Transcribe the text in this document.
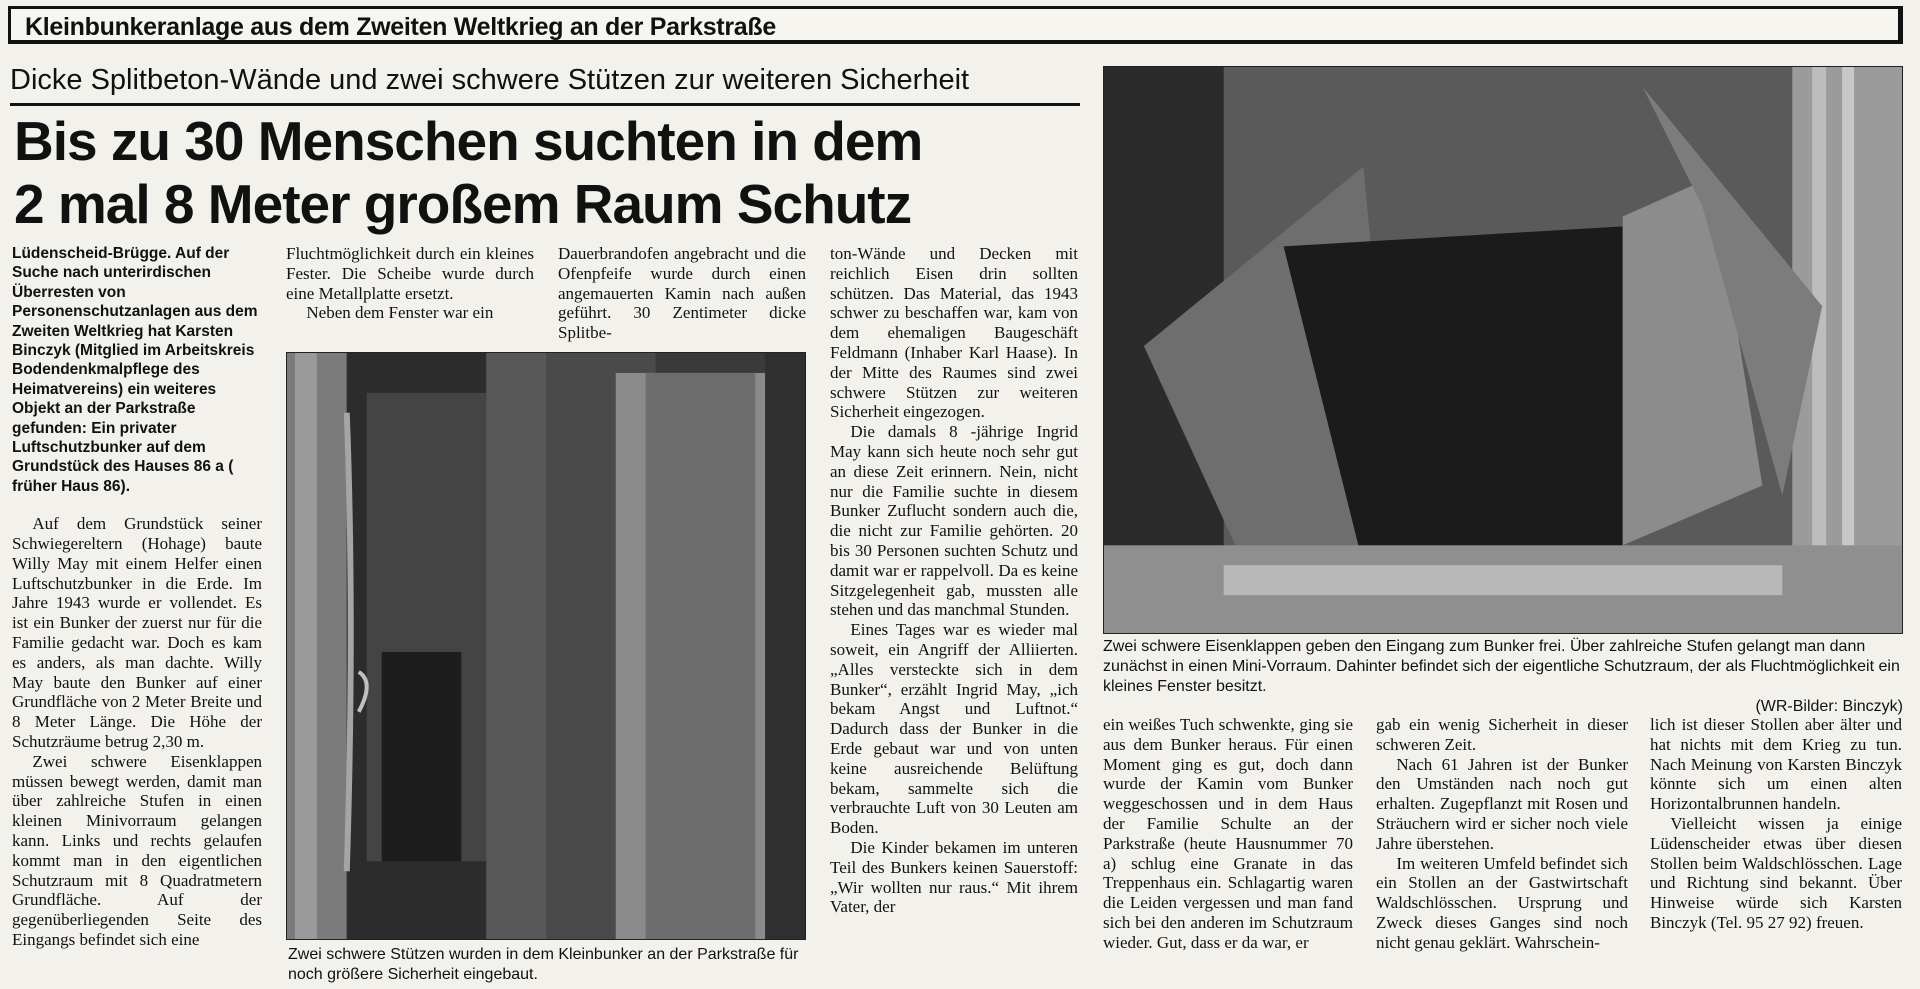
Kleinbunkeranlage aus dem Zweiten Weltkrieg an der Parkstraße
Dicke Splitbeton-Wände und zwei schwere Stützen zur weiteren Sicherheit
Bis zu 30 Menschen suchten in dem
2 mal 8 Meter großem Raum Schutz

Lüdenscheid-Brügge. Auf der Suche nach unterirdischen Überresten von Personenschutzanlagen aus dem Zweiten Weltkrieg hat Karsten Binczyk (Mitglied im Arbeitskreis Bodendenkmalpflege des Heimatvereins) ein weiteres Objekt an der Parkstraße gefunden: Ein privater Luftschutzbunker auf dem Grundstück des Hauses 86 a ( früher Haus 86).

Auf dem Grundstück seiner Schwiegereltern (Hohage) baute Willy May mit einem Helfer einen Luftschutzbunker in die Erde. Im Jahre 1943 wurde er vollendet. Es ist ein Bunker der zuerst nur für die Familie gedacht war. Doch es kam es anders, als man dachte. Willy May baute den Bunker auf einer Grundfläche von 2 Meter Breite und 8 Meter Länge. Die Höhe der Schutzräume betrug 2,30 m.

Zwei schwere Eisenklappen müssen bewegt werden, damit man über zahlreiche Stufen in einen kleinen Minivorraum gelangen kann. Links und rechts gelaufen kommt man in den eigentlichen Schutzraum mit 8 Quadratmetern Grundfläche. Auf der gegenüberliegenden Seite des Eingangs befindet sich eine

Fluchtmöglichkeit durch ein kleines Fester. Die Scheibe wurde durch eine Metallplatte ersetzt.

Neben dem Fenster war ein

Dauerbrandofen angebracht und die Ofenpfeife wurde durch einen angemauerten Kamin nach außen geführt. 30 Zentimeter dicke Splitbe-

ton-Wände und Decken mit reichlich Eisen drin sollten schützen. Das Material, das 1943 schwer zu beschaffen war, kam von dem ehemaligen Baugeschäft Feldmann (Inhaber Karl Haase). In der Mitte des Raumes sind zwei schwere Stützen zur weiteren Sicherheit eingezogen.

Die damals 8 -jährige Ingrid May kann sich heute noch sehr gut an diese Zeit erinnern. Nein, nicht nur die Familie suchte in diesem Bunker Zuflucht sondern auch die, die nicht zur Familie gehörten. 20 bis 30 Personen suchten Schutz und damit war er rappelvoll. Da es keine Sitzgelegenheit gab, mussten alle stehen und das manchmal Stunden.

Eines Tages war es wieder mal soweit, ein Angriff der Alliierten. „Alles versteckte sich in dem Bunker“, erzählt Ingrid May, „ich bekam Angst und Luftnot.“ Dadurch dass der Bunker in die Erde gebaut war und von unten keine ausreichende Belüftung bekam, sammelte sich die verbrauchte Luft von 30 Leuten am Boden.

Die Kinder bekamen im unteren Teil des Bunkers keinen Sauerstoff: „Wir wollten nur raus.“ Mit ihrem Vater, der

Zwei schwere Stützen wurden in dem Kleinbunker an der Parkstraße für noch größere Sicherheit eingebaut.
Zwei schwere Eisenklappen geben den Eingang zum Bunker frei. Über zahlreiche Stufen gelangt man dann zunächst in einen Mini-Vorraum. Dahinter befindet sich der eigentliche Schutzraum, der als Fluchtmöglichkeit ein kleines Fenster besitzt.
(WR-Bilder: Binczyk)

ein weißes Tuch schwenkte, ging sie aus dem Bunker heraus. Für einen Moment ging es gut, doch dann wurde der Kamin vom Bunker weggeschossen und in dem Haus der Familie Schulte an der Parkstraße (heute Hausnummer 70 a) schlug eine Granate in das Treppenhaus ein. Schlagartig waren die Leiden vergessen und man fand sich bei den anderen im Schutzraum wieder. Gut, dass er da war, er

gab ein wenig Sicherheit in dieser schweren Zeit.

Nach 61 Jahren ist der Bunker den Umständen nach noch gut erhalten. Zugepflanzt mit Rosen und Sträuchern wird er sicher noch viele Jahre überstehen.

Im weiteren Umfeld befindet sich ein Stollen an der Gastwirtschaft Waldschlösschen. Ursprung und Zweck dieses Ganges sind noch nicht genau geklärt. Wahrschein-

lich ist dieser Stollen aber älter und hat nichts mit dem Krieg zu tun. Nach Meinung von Karsten Binczyk könnte sich um einen alten Horizontalbrunnen handeln.

Vielleicht wissen ja einige Lüdenscheider etwas über diesen Stollen beim Waldschlösschen. Lage und Richtung sind bekannt. Über Hinweise würde sich Karsten Binczyk (Tel. 95 27 92) freuen.
